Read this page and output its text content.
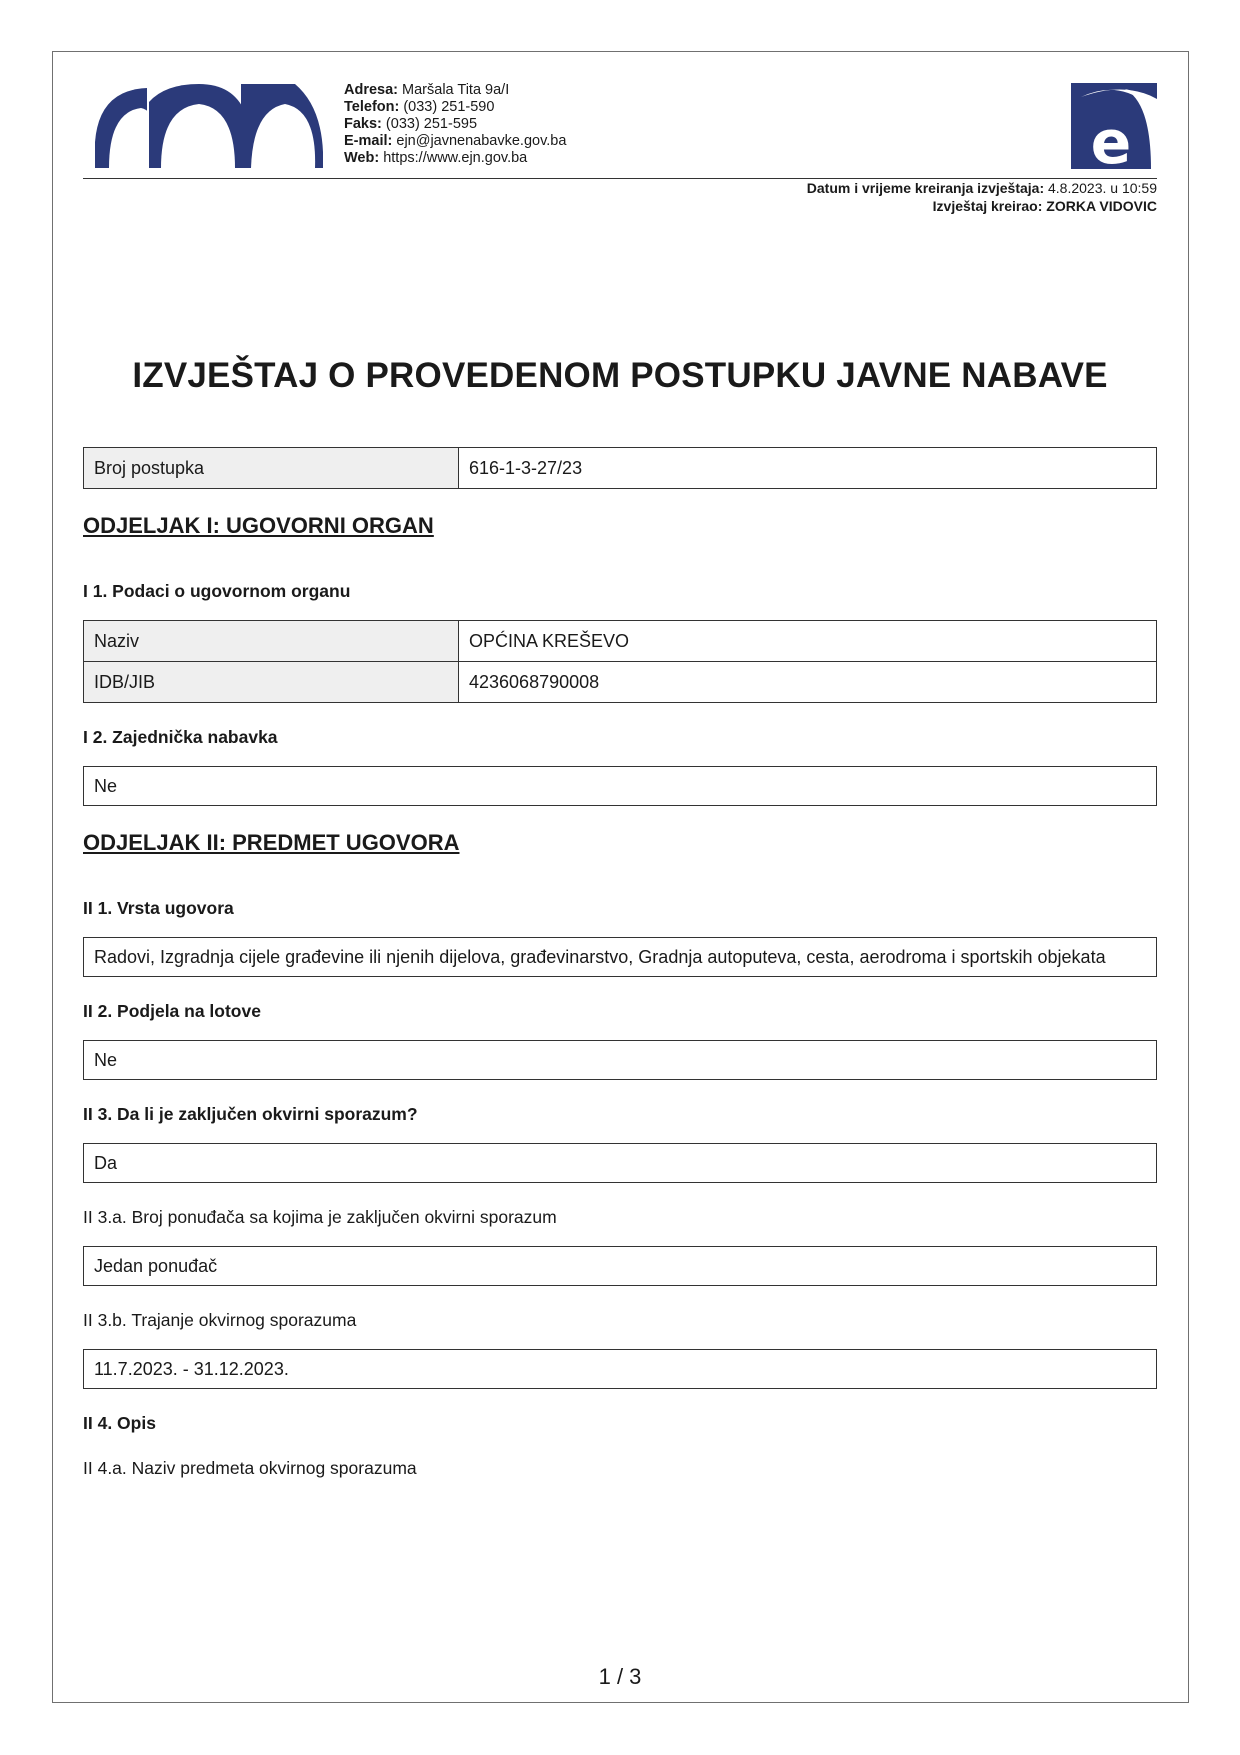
Adresa: Maršala Tita 9a/I
Telefon: (033) 251-590
Faks: (033) 251-595
E-mail: ejn@javnenabavke.gov.ba
Web: https://www.ejn.gov.ba	e
Datum i vrijeme kreiranja izvještaja: 4.8.2023. u 10:59
Izvještaj kreirao: ZORKA VIDOVIC
IZVJEŠTAJ O PROVEDENOM POSTUPKU JAVNE NABAVE
Broj postupka	616-1-3-27/23
ODJELJAK I: UGOVORNI ORGAN
I 1. Podaci o ugovornom organu
Naziv	OPĆINA KREŠEVO
IDB/JIB	4236068790008
I 2. Zajednička nabavka
Ne
ODJELJAK II: PREDMET UGOVORA
II 1. Vrsta ugovora
Radovi, Izgradnja cijele građevine ili njenih dijelova, građevinarstvo, Gradnja autoputeva, cesta, aerodroma i sportskih objekata
II 2. Podjela na lotove
Ne
II 3. Da li je zaključen okvirni sporazum?
Da

II 3.a. Broj ponuđača sa kojima je zaključen okvirni sporazum

Jedan ponuđač

II 3.b. Trajanje okvirnog sporazuma

11.7.2023. - 31.12.2023.
II 4. Opis

II 4.a. Naziv predmeta okvirnog sporazuma

1 / 3
